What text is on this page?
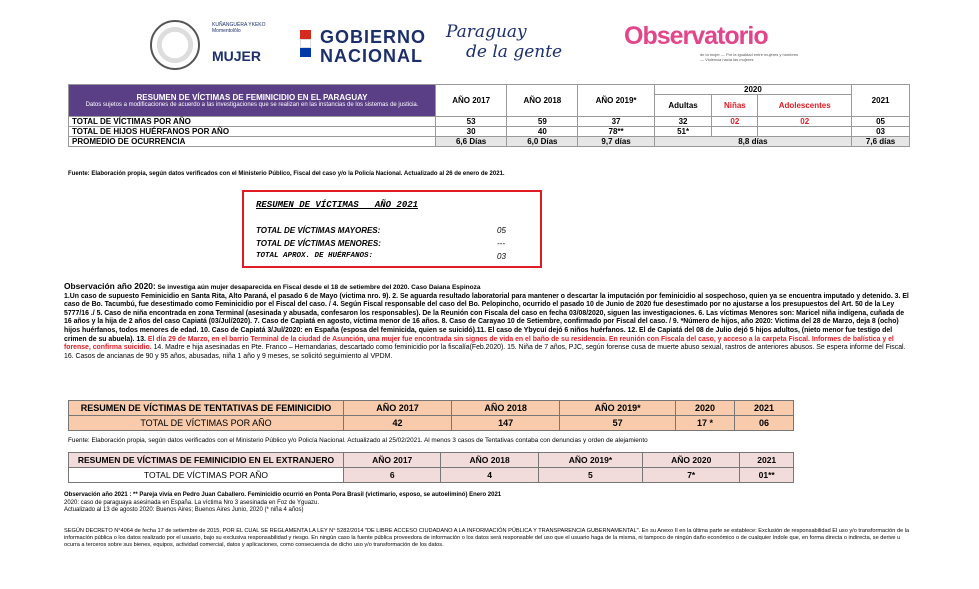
KUÑANGUÉRA YKEKO
Momentolôlo
MUJER
GOBIERNO
NACIONAL
Paraguay
de la gente
Observatorio
de la mujer — Por la igualdad entre mujeres y hombres — Violencia hacia las mujeres
RESUMEN DE VÍCTIMAS DE FEMINICIDIO EN EL PARAGUAY
Datos sujetos a modificaciones de acuerdo a las investigaciones que se realizan en las instancias de los sistemas de justicia.	AÑO 2017	AÑO 2018	AÑO 2019*	2020			2021
				Adultas	Niñas	Adolescentes	
TOTAL DE VÍCTIMAS POR AÑO	53	59	37	32	02	02	05
TOTAL DE HIJOS HUÉRFANOS POR AÑO	30	40	78**	51*			03
PROMEDIO DE OCURRENCIA	6,6 Días	6,0 Días	9,7 días	8,8 días			7,6 días
Fuente: Elaboración propia, según datos verificados con el Ministerio Público, Fiscal del caso y/o la Policía Nacional. Actualizado al 26 de enero de 2021.
RESUMEN DE VÍCTIMAS   AÑO 2021
TOTAL DE VÍCTIMAS MAYORES:	05
TOTAL DE VÍCTIMAS MENORES:	---
TOTAL APROX. DE HUÉRFANOS:	03
Observación año 2020: Se investiga aún mujer desaparecida en Fiscal desde el 18 de setiembre del 2020. Caso Daiana Espinoza
1.Un caso de supuesto Feminicidio en Santa Rita, Alto Paraná, el pasado 6 de Mayo (victima nro. 9). 2. Se aguarda resultado laboratorial para mantener o descartar la imputación por feminicidio al sospechoso, quien ya se encuentra imputado y detenido. 3. El caso de Bo. Tacumbú, fue desestimado como Feminicidio por el Fiscal del caso. / 4. Según Fiscal responsable del caso del Bo. Pelopincho, ocurrido el pasado 10 de Junio de 2020 fue desestimado por no ajustarse a los presupuestos del Art. 50 de la Ley 5777/16 ./ 5. Caso de niña encontrada en zona Terminal (asesinada y abusada, confesaron los responsables). De la Reunión con Fiscala del caso en fecha 03/08/2020, siguen las investigaciones. 6. Las víctimas Menores son: Maricel niña indígena, cuñada de 16 años y la hija de 2 años del caso Capiatá (03/Jul/2020). 7. Caso de Capiatá en agosto, víctima menor de 16 años. 8. Caso de Carayao 10 de Setiembre, confirmado por Fiscal del caso. / 9. *Número de hijos, año 2020: Victima del 28 de Marzo, deja 8 (ocho) hijos huérfanos, todos menores de edad. 10. Caso de Capiatá 3/Jul/2020: en España (esposa del feminicida, quien se suicidó).11. El caso de Ybycuí dejó 6 niños huérfanos. 12. El de Capiatá del 08 de Julio dejó 5 hijos adultos, (nieto menor fue testigo del crimen de su abuela). 13. El día 29 de Marzo, en el barrio Terminal de la ciudad de Asunción, una mujer fue encontrada sin signos de vida en el baño de su residencia. En reunión con Fiscala del caso, y acceso a la carpeta Fiscal. Informes de balística y el forense, confirma suicidio. 14. Madre e hija asesinadas en Pte. Franco – Hernandarias, descartado como feminicidio por la fiscalía(Feb.2020). 15. Niña de 7 años, PJC, según forense cusa de muerte abuso sexual, rastros de anteriores abusos. Se espera informe del Fiscal. 16. Casos de ancianas de 90 y 95 años, abusadas, niña 1 año y 9 meses, se solicitó seguimiento al VPDM.
RESUMEN DE VÍCTIMAS DE TENTATIVAS DE FEMINICIDIO	AÑO 2017	AÑO 2018	AÑO 2019*	2020	2021
TOTAL DE VÍCTIMAS POR AÑO	42	147	57	17 *	06
Fuente: Elaboración propia, según datos verificados con el Ministerio Público y/o Policía Nacional. Actualizado al 25/02/2021. Al menos 3 casos de Tentativas contaba con denuncias y orden de alejamiento
RESUMEN DE VÍCTIMAS DE FEMINICIDIO EN EL EXTRANJERO	AÑO 2017	AÑO 2018	AÑO 2019*	AÑO 2020	2021
TOTAL DE VÍCTIMAS POR AÑO	6	4	5	7*	01**
Observación año 2021 : ** Pareja vivía en Pedro Juan Caballero. Feminicidio ocurrió en Ponta Pora Brasil (victimario, esposo, se autoeliminó) Enero 2021
2020: caso de paraguaya asesinada en España. La víctima Nro 3 asesinada en Foz de Yguazu.
Actualizado al 13 de agosto 2020: Buenos Aires; Buenos Aires Junio, 2020 (* niña 4 años)
SEGÚN DECRETO N°4064 de fecha 17 de setiembre de 2015, POR EL CUAL SE REGLAMENTA LA LEY N° 5282/2014 "DE LIBRE ACCESO CIUDADANO A LA INFORMACIÓN PÚBLICA Y TRANSPARENCIA GUBERNAMENTAL". En su Anexo II en la última parte se establece: Exclusión de responsabilidad El uso y/o transformación de la información pública o los datos realizado por el usuario, bajo su exclusiva responsabilidad y riesgo. En ningún caso la fuente pública proveedora de información o los datos será responsable del uso que el usuario haga de la misma, ni tampoco de ningún daño económico o de cualquier índole que, en forma directa o indirecta, se derive u ocurra a terceros sobre sus bienes, equipos, actividad comercial, datos y aplicaciones, como consecuencia de dicho uso y/o transformación de los datos.
